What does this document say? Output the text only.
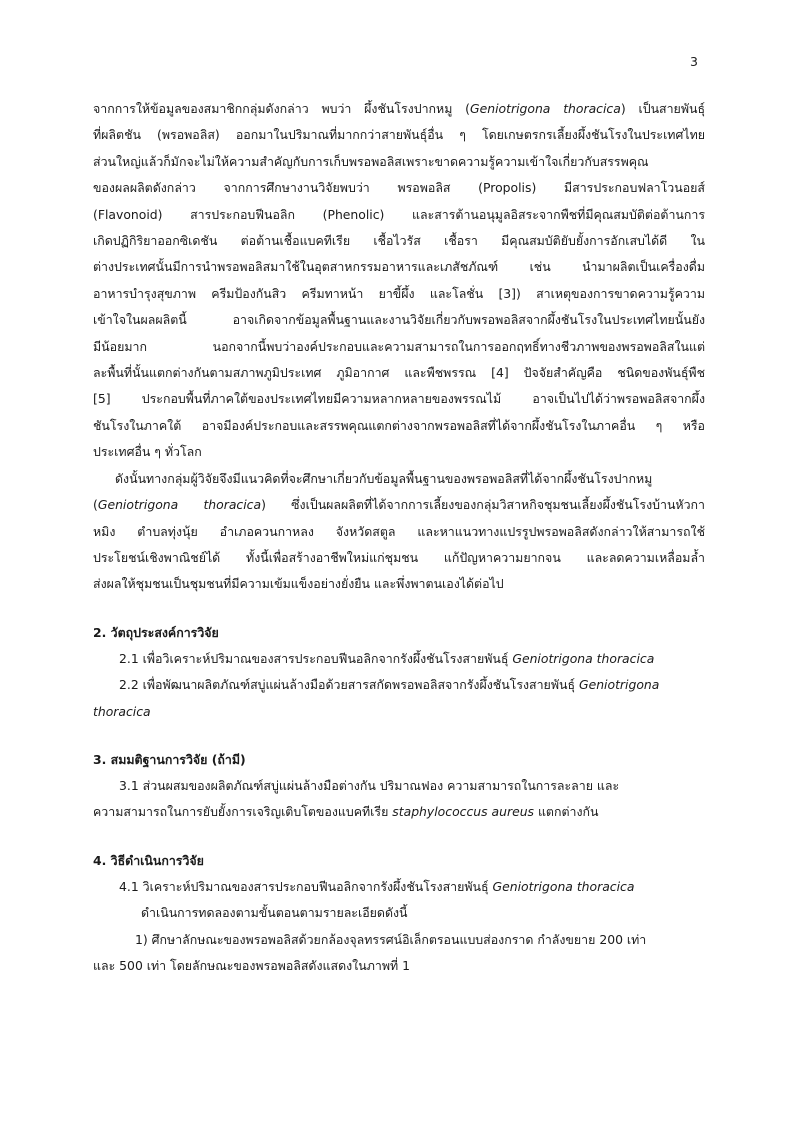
3

จากการให้ข้อมูลของสมาชิกกลุ่มดังกล่าว พบว่า ผึ้งชันโรงปากหมู (Geniotrigona thoracica) เป็นสายพันธุ์
ที่ผลิตชัน (พรอพอลิส) ออกมาในปริมาณที่มากกว่าสายพันธุ์อื่น ๆ โดยเกษตรกรเลี้ยงผึ้งชันโรงในประเทศไทย
ส่วนใหญ่แล้วก็มักจะไม่ให้ความสำคัญกับการเก็บพรอพอลิสเพราะขาดความรู้ความเข้าใจเกี่ยวกับสรรพคุณ
ของผลผลิตดังกล่าว จากการศึกษางานวิจัยพบว่า พรอพอลิส (Propolis) มีสารประกอบฟลาโวนอยส์
(Flavonoid) สารประกอบฟีนอลิก (Phenolic) และสารต้านอนุมูลอิสระจากพืชที่มีคุณสมบัติต่อต้านการ
เกิดปฏิกิริยาออกซิเดชัน ต่อต้านเชื้อแบคทีเรีย เชื้อไวรัส เชื้อรา มีคุณสมบัติยับยั้งการอักเสบได้ดี ใน
ต่างประเทศนั้นมีการนำพรอพอลิสมาใช้ในอุตสาหกรรมอาหารและเภสัชภัณฑ์ เช่น นำมาผลิตเป็นเครื่องดื่ม
อาหารบำรุงสุขภาพ ครีมป้องกันสิว ครีมทาหน้า ยาขี้ผึ้ง และโลชั่น [3]) สาเหตุของการขาดความรู้ความ
เข้าใจในผลผลิตนี้ อาจเกิดจากข้อมูลพื้นฐานและงานวิจัยเกี่ยวกับพรอพอลิสจากผึ้งชันโรงในประเทศไทยนั้นยัง
มีน้อยมาก นอกจากนี้พบว่าองค์ประกอบและความสามารถในการออกฤทธิ์ทางชีวภาพของพรอพอลิสในแต่
ละพื้นที่นั้นแตกต่างกันตามสภาพภูมิประเทศ ภูมิอากาศ และพืชพรรณ [4] ปัจจัยสำคัญคือ ชนิดของพันธุ์พืช
[5] ประกอบพื้นที่ภาคใต้ของประเทศไทยมีความหลากหลายของพรรณไม้ อาจเป็นไปได้ว่าพรอพอลิสจากผึ้ง
ชันโรงในภาคใต้ อาจมีองค์ประกอบและสรรพคุณแตกต่างจากพรอพอลิสที่ได้จากผึ้งชันโรงในภาคอื่น ๆ หรือ
ประเทศอื่น ๆ ทั่วโลก

ดังนั้นทางกลุ่มผู้วิจัยจึงมีแนวคิดที่จะศึกษาเกี่ยวกับข้อมูลพื้นฐานของพรอพอลิสที่ได้จากผึ้งชันโรงปากหมู
(Geniotrigona thoracica) ซึ่งเป็นผลผลิตที่ได้จากการเลี้ยงของกลุ่มวิสาหกิจชุมชนเลี้ยงผึ้งชันโรงบ้านหัวกา
หมิง ตำบลทุ่งนุ้ย อำเภอควนกาหลง จังหวัดสตูล และหาแนวทางแปรรูปพรอพอลิสดังกล่าวให้สามารถใช้
ประโยชน์เชิงพาณิชย์ได้ ทั้งนี้เพื่อสร้างอาชีพใหม่แก่ชุมชน แก้ปัญหาความยากจน และลดความเหลื่อมล้ำ
ส่งผลให้ชุมชนเป็นชุมชนที่มีความเข้มแข็งอย่างยั่งยืน และพึ่งพาตนเองได้ต่อไป

2. วัตถุประสงค์การวิจัย

2.1 เพื่อวิเคราะห์ปริมาณของสารประกอบฟีนอลิกจากรังผึ้งชันโรงสายพันธุ์ Geniotrigona thoracica
2.2 เพื่อพัฒนาผลิตภัณฑ์สบู่แผ่นล้างมือด้วยสารสกัดพรอพอลิสจากรังผึ้งชันโรงสายพันธุ์ Geniotrigona
thoracica

3. สมมติฐานการวิจัย (ถ้ามี)

3.1 ส่วนผสมของผลิตภัณฑ์สบู่แผ่นล้างมือต่างกัน ปริมาณฟอง ความสามารถในการละลาย และ
ความสามารถในการยับยั้งการเจริญเติบโตของแบคทีเรีย staphylococcus aureus แตกต่างกัน

4. วิธีดำเนินการวิจัย

4.1 วิเคราะห์ปริมาณของสารประกอบฟีนอลิกจากรังผึ้งชันโรงสายพันธุ์ Geniotrigona thoracica
ดำเนินการทดลองตามขั้นตอนตามรายละเอียดดังนี้
1) ศึกษาลักษณะของพรอพอลิสด้วยกล้องจุลทรรศน์อิเล็กตรอนแบบส่องกราด กำลังขยาย 200 เท่า
และ 500 เท่า โดยลักษณะของพรอพอลิสดังแสดงในภาพที่ 1
